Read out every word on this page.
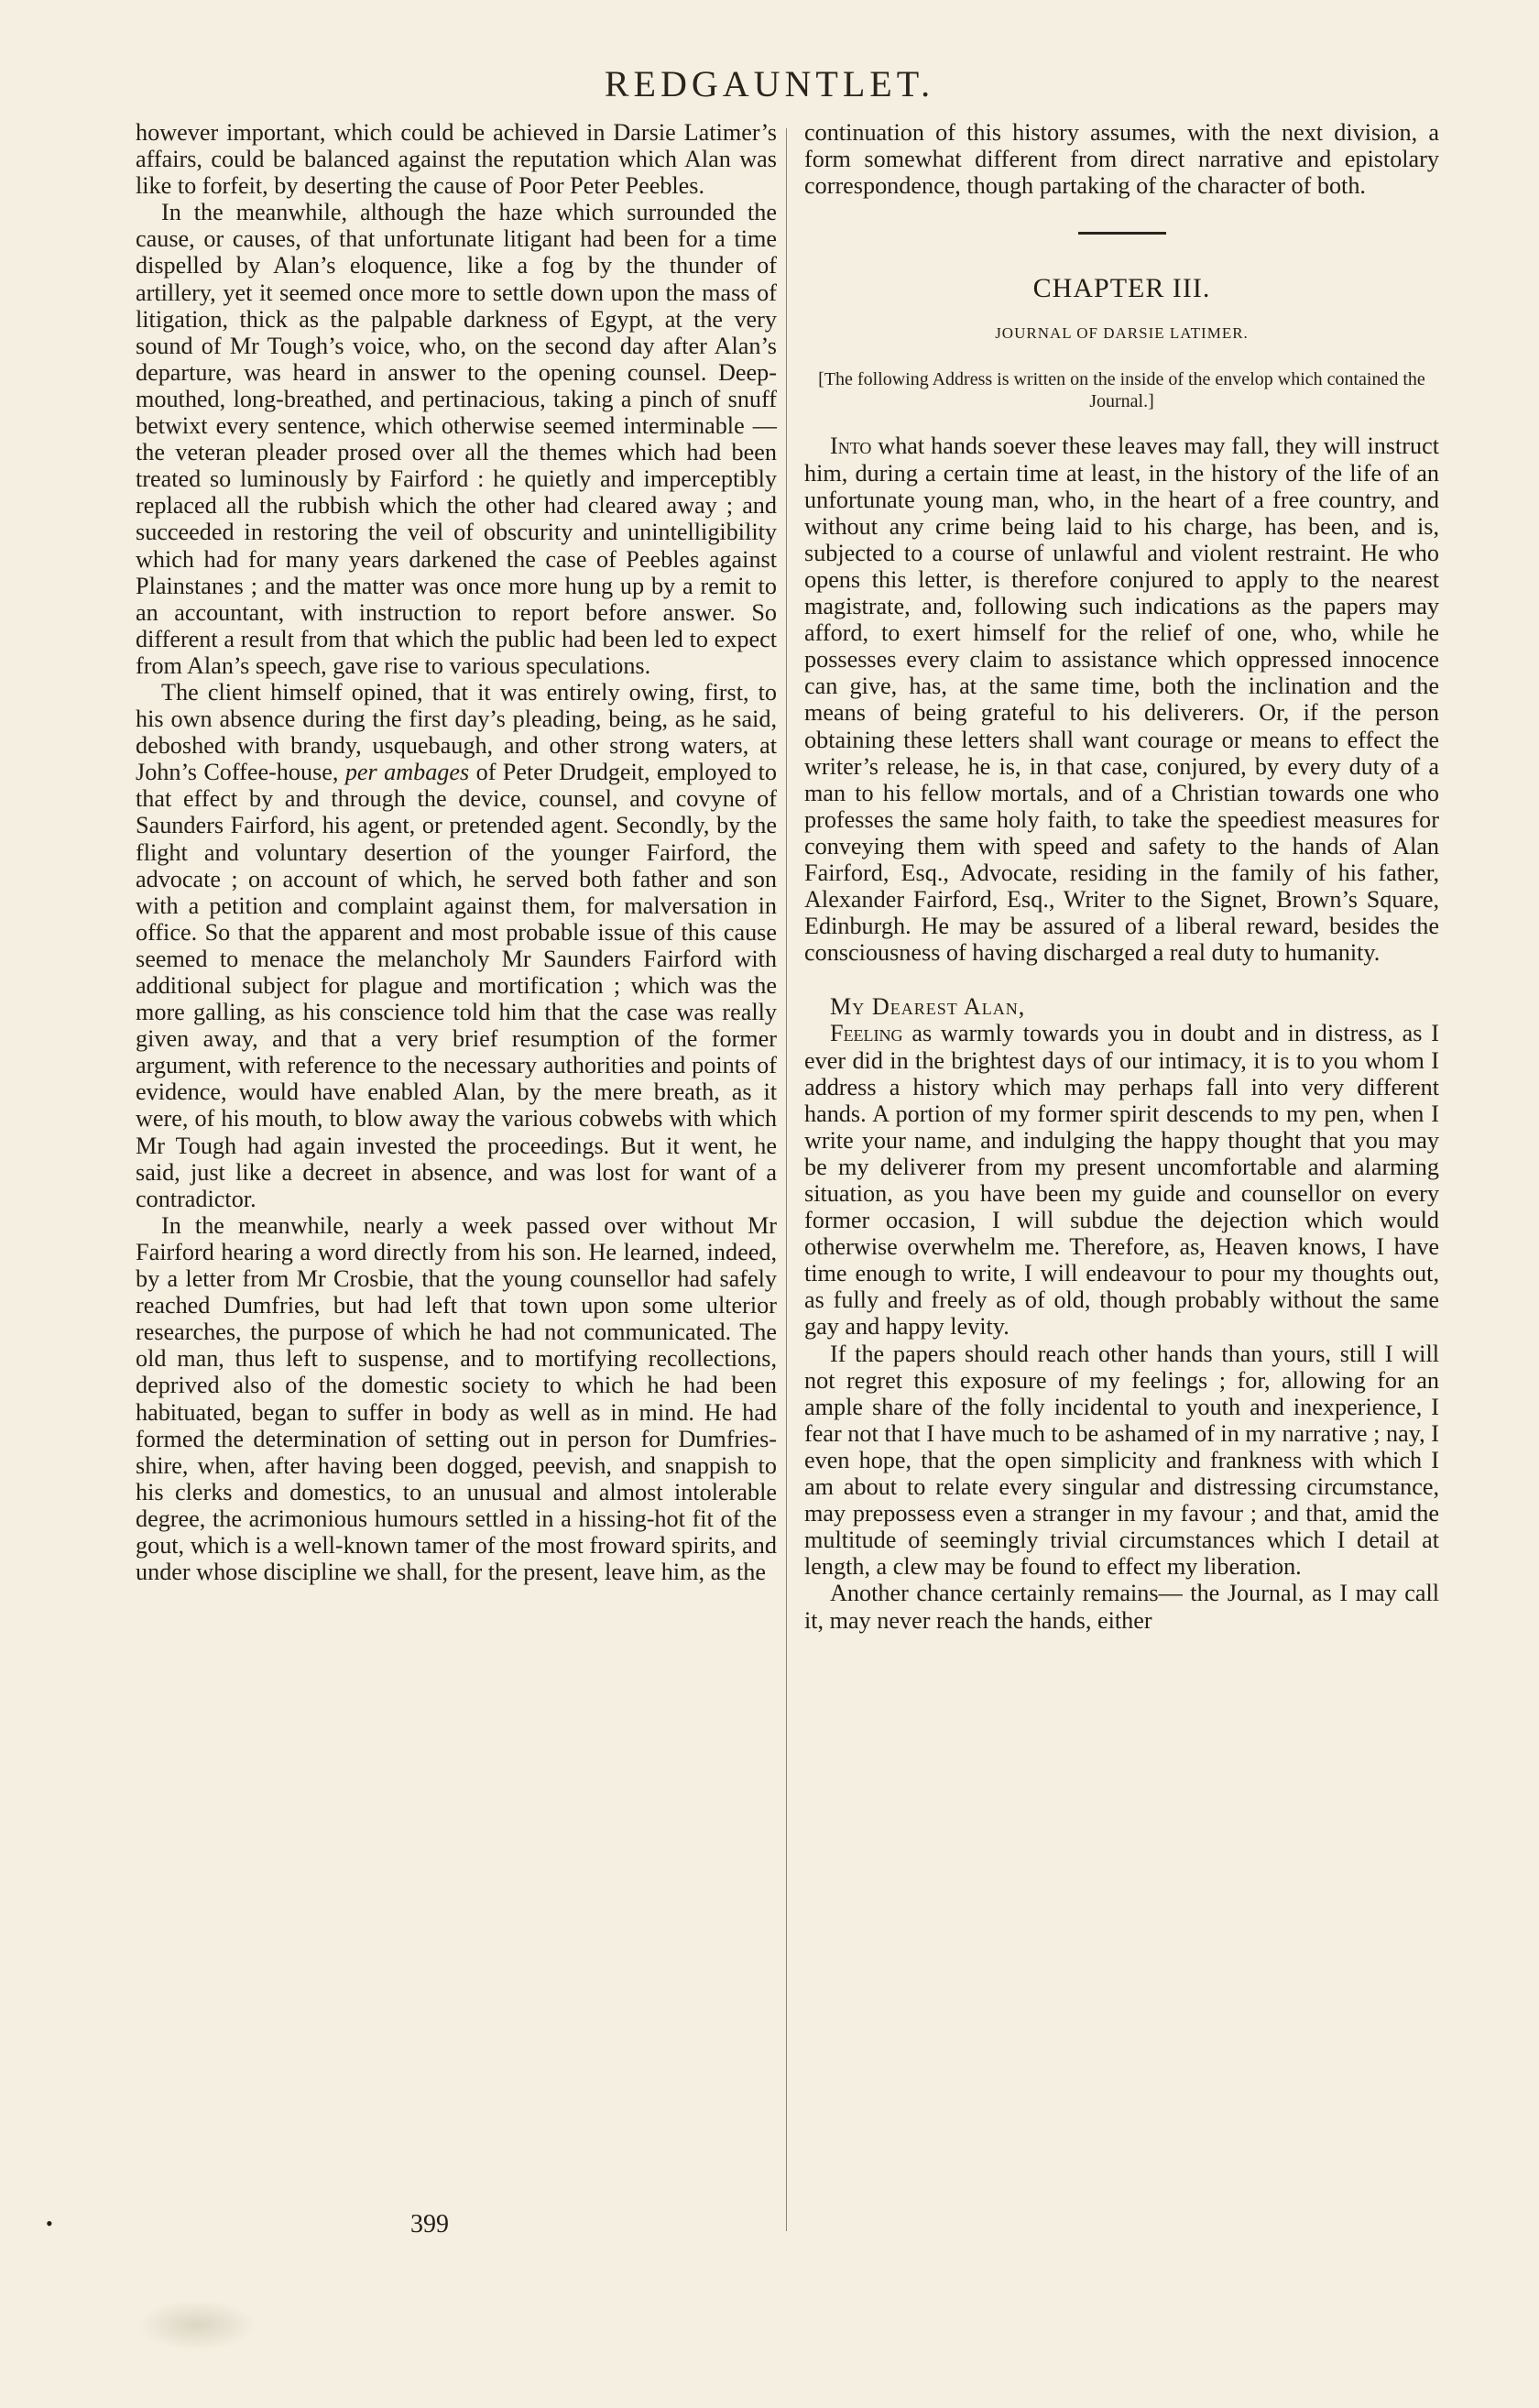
REDGAUNTLET.

however important, which could be achieved in Darsie Latimer’s affairs, could be balanced against the reputation which Alan was like to forfeit, by deserting the cause of Poor Peter Peebles.

In the meanwhile, although the haze which surrounded the cause, or causes, of that unfortunate litigant had been for a time dispelled by Alan’s eloquence, like a fog by the thunder of artillery, yet it seemed once more to settle down upon the mass of litigation, thick as the palpable darkness of Egypt, at the very sound of Mr Tough’s voice, who, on the second day after Alan’s departure, was heard in answer to the opening counsel. Deep-mouthed, long-breathed, and pertinacious, taking a pinch of snuff betwixt every sentence, which otherwise seemed interminable — the veteran pleader prosed over all the themes which had been treated so luminously by Fairford : he quietly and imperceptibly replaced all the rubbish which the other had cleared away ; and succeeded in restoring the veil of obscurity and unintelligibility which had for many years darkened the case of Peebles against Plainstanes ; and the matter was once more hung up by a remit to an accountant, with instruction to report before answer. So different a result from that which the public had been led to expect from Alan’s speech, gave rise to various speculations.

The client himself opined, that it was entirely owing, first, to his own absence during the first day’s pleading, being, as he said, deboshed with brandy, usquebaugh, and other strong waters, at John’s Coffee-house, per ambages of Peter Drudgeit, employed to that effect by and through the device, counsel, and covyne of Saunders Fairford, his agent, or pretended agent. Secondly, by the flight and voluntary desertion of the younger Fairford, the advocate ; on account of which, he served both father and son with a petition and complaint against them, for malversation in office. So that the apparent and most probable issue of this cause seemed to menace the melancholy Mr Saunders Fairford with additional subject for plague and mortification ; which was the more galling, as his conscience told him that the case was really given away, and that a very brief resumption of the former argument, with reference to the necessary authorities and points of evidence, would have enabled Alan, by the mere breath, as it were, of his mouth, to blow away the various cobwebs with which Mr Tough had again invested the proceedings. But it went, he said, just like a decreet in absence, and was lost for want of a contradictor.

In the meanwhile, nearly a week passed over without Mr Fairford hearing a word directly from his son. He learned, indeed, by a letter from Mr Crosbie, that the young counsellor had safely reached Dumfries, but had left that town upon some ulterior researches, the purpose of which he had not communicated. The old man, thus left to suspense, and to mortifying recollections, deprived also of the domestic society to which he had been habituated, began to suffer in body as well as in mind. He had formed the determination of setting out in person for Dumfries-shire, when, after having been dogged, peevish, and snappish to his clerks and domestics, to an unusual and almost intolerable degree, the acrimonious humours settled in a hissing-hot fit of the gout, which is a well-known tamer of the most froward spirits, and under whose discipline we shall, for the present, leave him, as the

continuation of this history assumes, with the next division, a form somewhat different from direct narrative and epistolary correspondence, though partaking of the character of both.

CHAPTER III.
JOURNAL OF DARSIE LATIMER.
[The following Address is written on the inside of the envelop which contained the Journal.]

Into what hands soever these leaves may fall, they will instruct him, during a certain time at least, in the history of the life of an unfortunate young man, who, in the heart of a free country, and without any crime being laid to his charge, has been, and is, subjected to a course of unlawful and violent restraint. He who opens this letter, is therefore conjured to apply to the nearest magistrate, and, following such indications as the papers may afford, to exert himself for the relief of one, who, while he possesses every claim to assistance which oppressed innocence can give, has, at the same time, both the inclination and the means of being grateful to his deliverers. Or, if the person obtaining these letters shall want courage or means to effect the writer’s release, he is, in that case, conjured, by every duty of a man to his fellow mortals, and of a Christian towards one who professes the same holy faith, to take the speediest measures for conveying them with speed and safety to the hands of Alan Fairford, Esq., Advocate, residing in the family of his father, Alexander Fairford, Esq., Writer to the Signet, Brown’s Square, Edinburgh. He may be assured of a liberal reward, besides the consciousness of having discharged a real duty to humanity.

My Dearest Alan,

Feeling as warmly towards you in doubt and in distress, as I ever did in the brightest days of our intimacy, it is to you whom I address a history which may perhaps fall into very different hands. A portion of my former spirit descends to my pen, when I write your name, and indulging the happy thought that you may be my deliverer from my present uncomfortable and alarming situation, as you have been my guide and counsellor on every former occasion, I will subdue the dejection which would otherwise overwhelm me. Therefore, as, Heaven knows, I have time enough to write, I will endeavour to pour my thoughts out, as fully and freely as of old, though probably without the same gay and happy levity.

If the papers should reach other hands than yours, still I will not regret this exposure of my feelings ; for, allowing for an ample share of the folly incidental to youth and inexperience, I fear not that I have much to be ashamed of in my narrative ; nay, I even hope, that the open simplicity and frankness with which I am about to relate every singular and distressing circumstance, may prepossess even a stranger in my favour ; and that, amid the multitude of seemingly trivial circumstances which I detail at length, a clew may be found to effect my liberation.

Another chance certainly remains— the Journal, as I may call it, may never reach the hands, either

•	399
